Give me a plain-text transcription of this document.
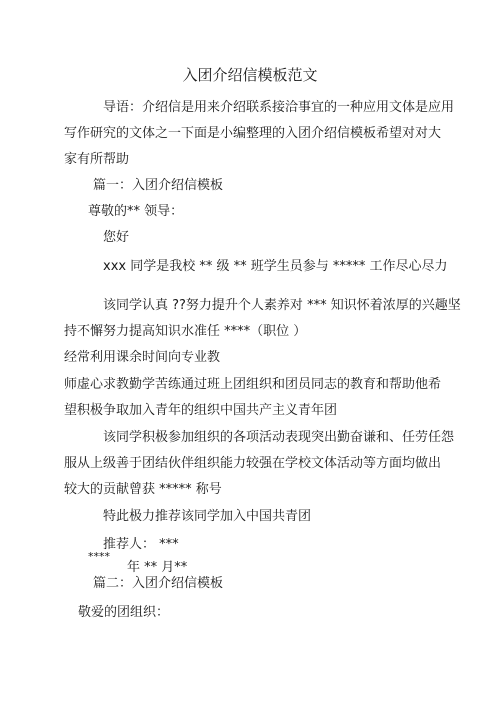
入团介绍信模板范文
导语：介绍信是用来介绍联系接洽事宜的一种应用文体是应用
写作研究的文体之一下面是小编整理的入团介绍信模板希望对对大
家有所帮助
篇一：入团介绍信模板
尊敬的** 领导：
您好
xxx 同学是我校 ** 级 ** 班学生员参与 ***** 工作尽心尽力
该同学认真 ??努力提升个人素养对 *** 知识怀着浓厚的兴趣坚
持不懈努力提高知识水准任 ****（职位 ）
经常利用课余时间向专业教
师虚心求教勤学苦练通过班上团组织和团员同志的教育和帮助他希
望积极争取加入青年的组织中国共产主义青年团
该同学积极参加组织的各项活动表现突出勤奋谦和、任劳任怨
服从上级善于团结伙伴组织能力较强在学校文体活动等方面均做出
较大的贡献曾获 ***** 称号
特此极力推荐该同学加入中国共青团
推荐人： ***
****
年 ** 月**
篇二：入团介绍信模板
敬爱的团组织：
